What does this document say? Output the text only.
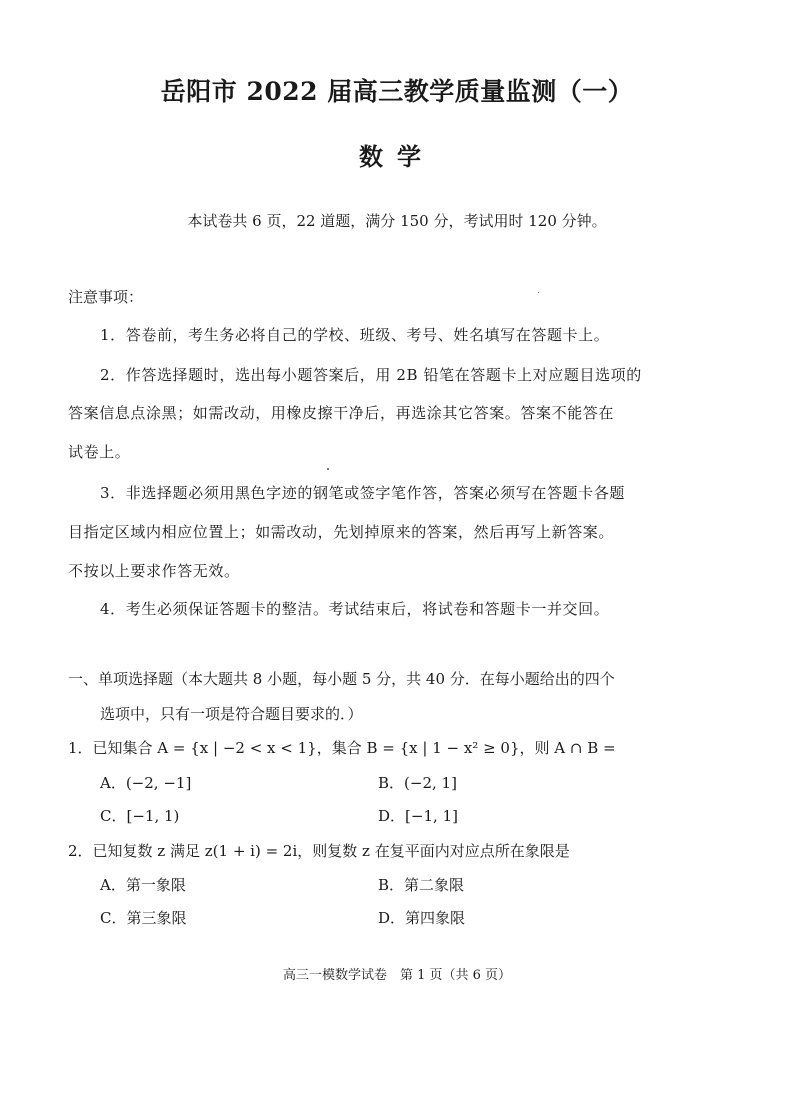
岳阳市 2022 届高三教学质量监测（一）
数学
本试卷共 6 页，22 道题，满分 150 分，考试用时 120 分钟。
注意事项：
1．答卷前，考生务必将自己的学校、班级、考号、姓名填写在答题卡上。
2．作答选择题时，选出每小题答案后，用 2B 铅笔在答题卡上对应题目选项的
答案信息点涂黑；如需改动，用橡皮擦干净后，再选涂其它答案。答案不能答在
试卷上。
3．非选择题必须用黑色字迹的钢笔或签字笔作答，答案必须写在答题卡各题
目指定区域内相应位置上；如需改动，先划掉原来的答案，然后再写上新答案。
不按以上要求作答无效。
4．考生必须保证答题卡的整洁。考试结束后，将试卷和答题卡一并交回。
一、单项选择题（本大题共 8 小题，每小题 5 分，共 40 分．在每小题给出的四个
选项中，只有一项是符合题目要求的．）
1．已知集合 A = {x | −2 < x < 1}，集合 B = {x | 1 − x² ≥ 0}，则 A ∩ B =
A．(−2, −1]	B．(−2, 1]
C．[−1, 1)	D．[−1, 1]
2．已知复数 z 满足 z(1 + i) = 2i，则复数 z 在复平面内对应点所在象限是
A．第一象限	B．第二象限
C．第三象限	D．第四象限
高三一模数学试卷　第 1 页（共 6 页）
